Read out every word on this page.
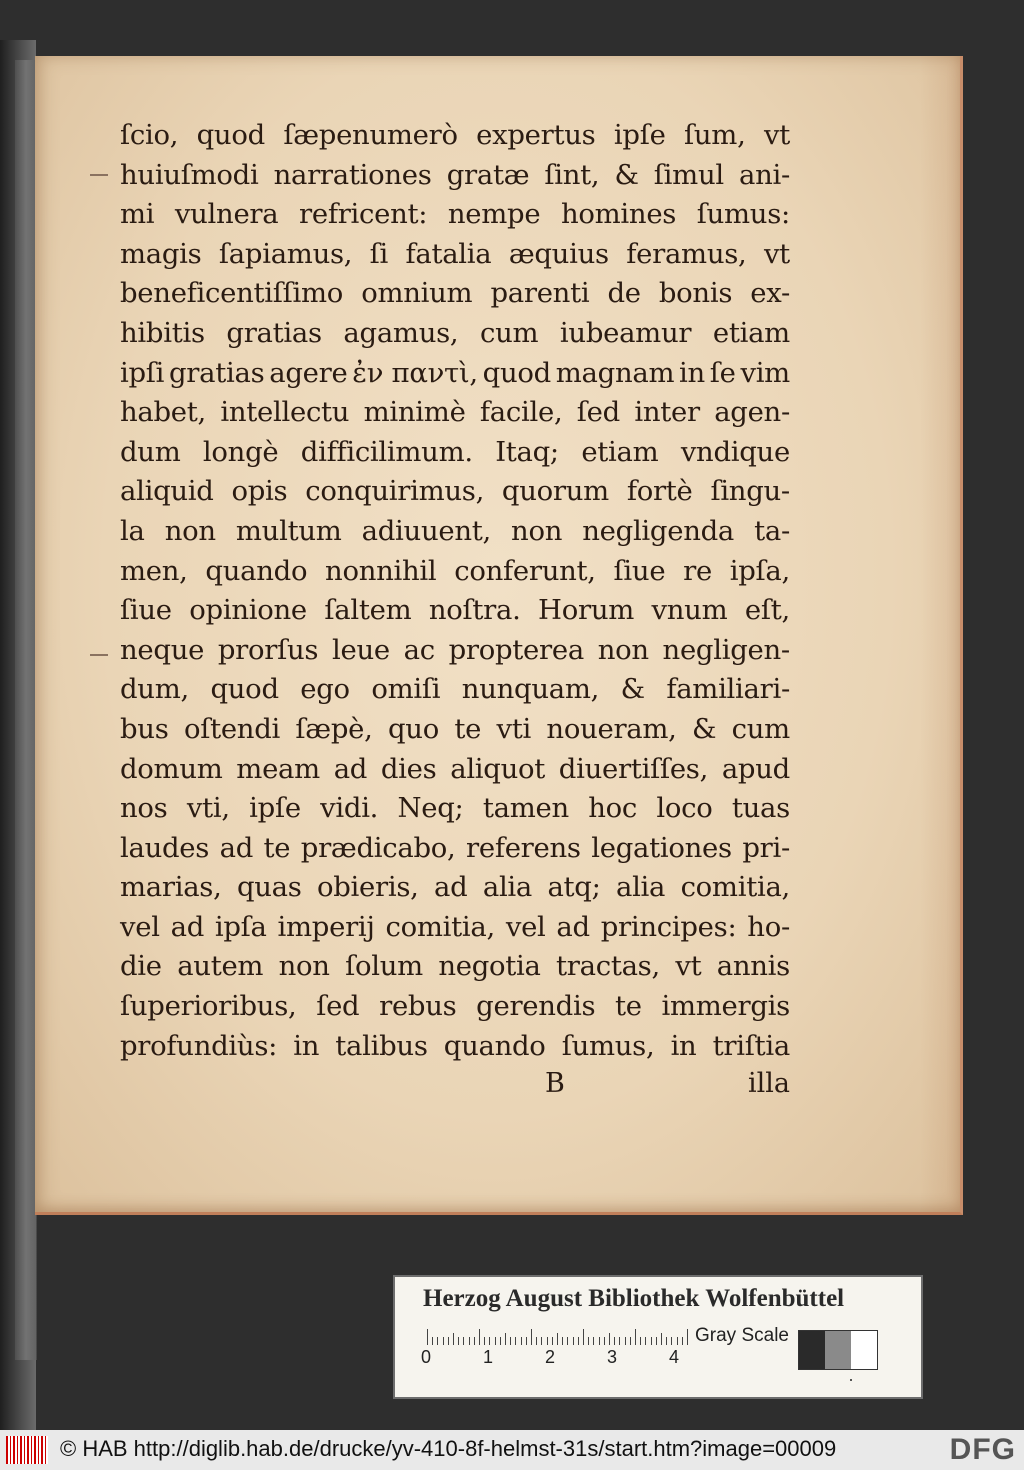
ſcio, quod ſæpenumerò expertus ipſe ſum, vt
huiuſmodi narrationes gratæ ſint, & ſimul ani-
mi vulnera refricent: nempe homines ſumus:
magis ſapiamus, ſi fatalia æquius feramus, vt
beneficentiſſimo omnium parenti de bonis ex-
hibitis gratias agamus, cum iubeamur etiam
ipſi gratias agere ἐν παντὶ, quod magnam in ſe vim
habet, intellectu minimè facile, ſed inter agen-
dum longè difficilimum. Itaq; etiam vndique
aliquid opis conquirimus, quorum fortè ſingu-
la non multum adiuuent, non negligenda ta-
men, quando nonnihil conferunt, ſiue re ipſa,
ſiue opinione ſaltem noſtra. Horum vnum eſt,
neque prorſus leue ac propterea non negligen-
dum, quod ego omiſi nunquam, & familiari-
bus oſtendi ſæpè, quo te vti noueram, & cum
domum meam ad dies aliquot diuertiſſes, apud
nos vti, ipſe vidi. Neq; tamen hoc loco tuas
laudes ad te prædicabo, referens legationes pri-
marias, quas obieris, ad alia atq; alia comitia,
vel ad ipſa imperij comitia, vel ad principes: ho-
die autem non ſolum negotia tractas, vt annis
ſuperioribus, ſed rebus gerendis te immergis
profundiùs: in talibus quando ſumus, in triſtia
B	illa
Herzog August Bibliothek Wolfenbüttel
0	1	2	3	4
Gray Scale
© HAB http://diglib.hab.de/drucke/yv-410-8f-helmst-31s/start.htm?image=00009	DFG
